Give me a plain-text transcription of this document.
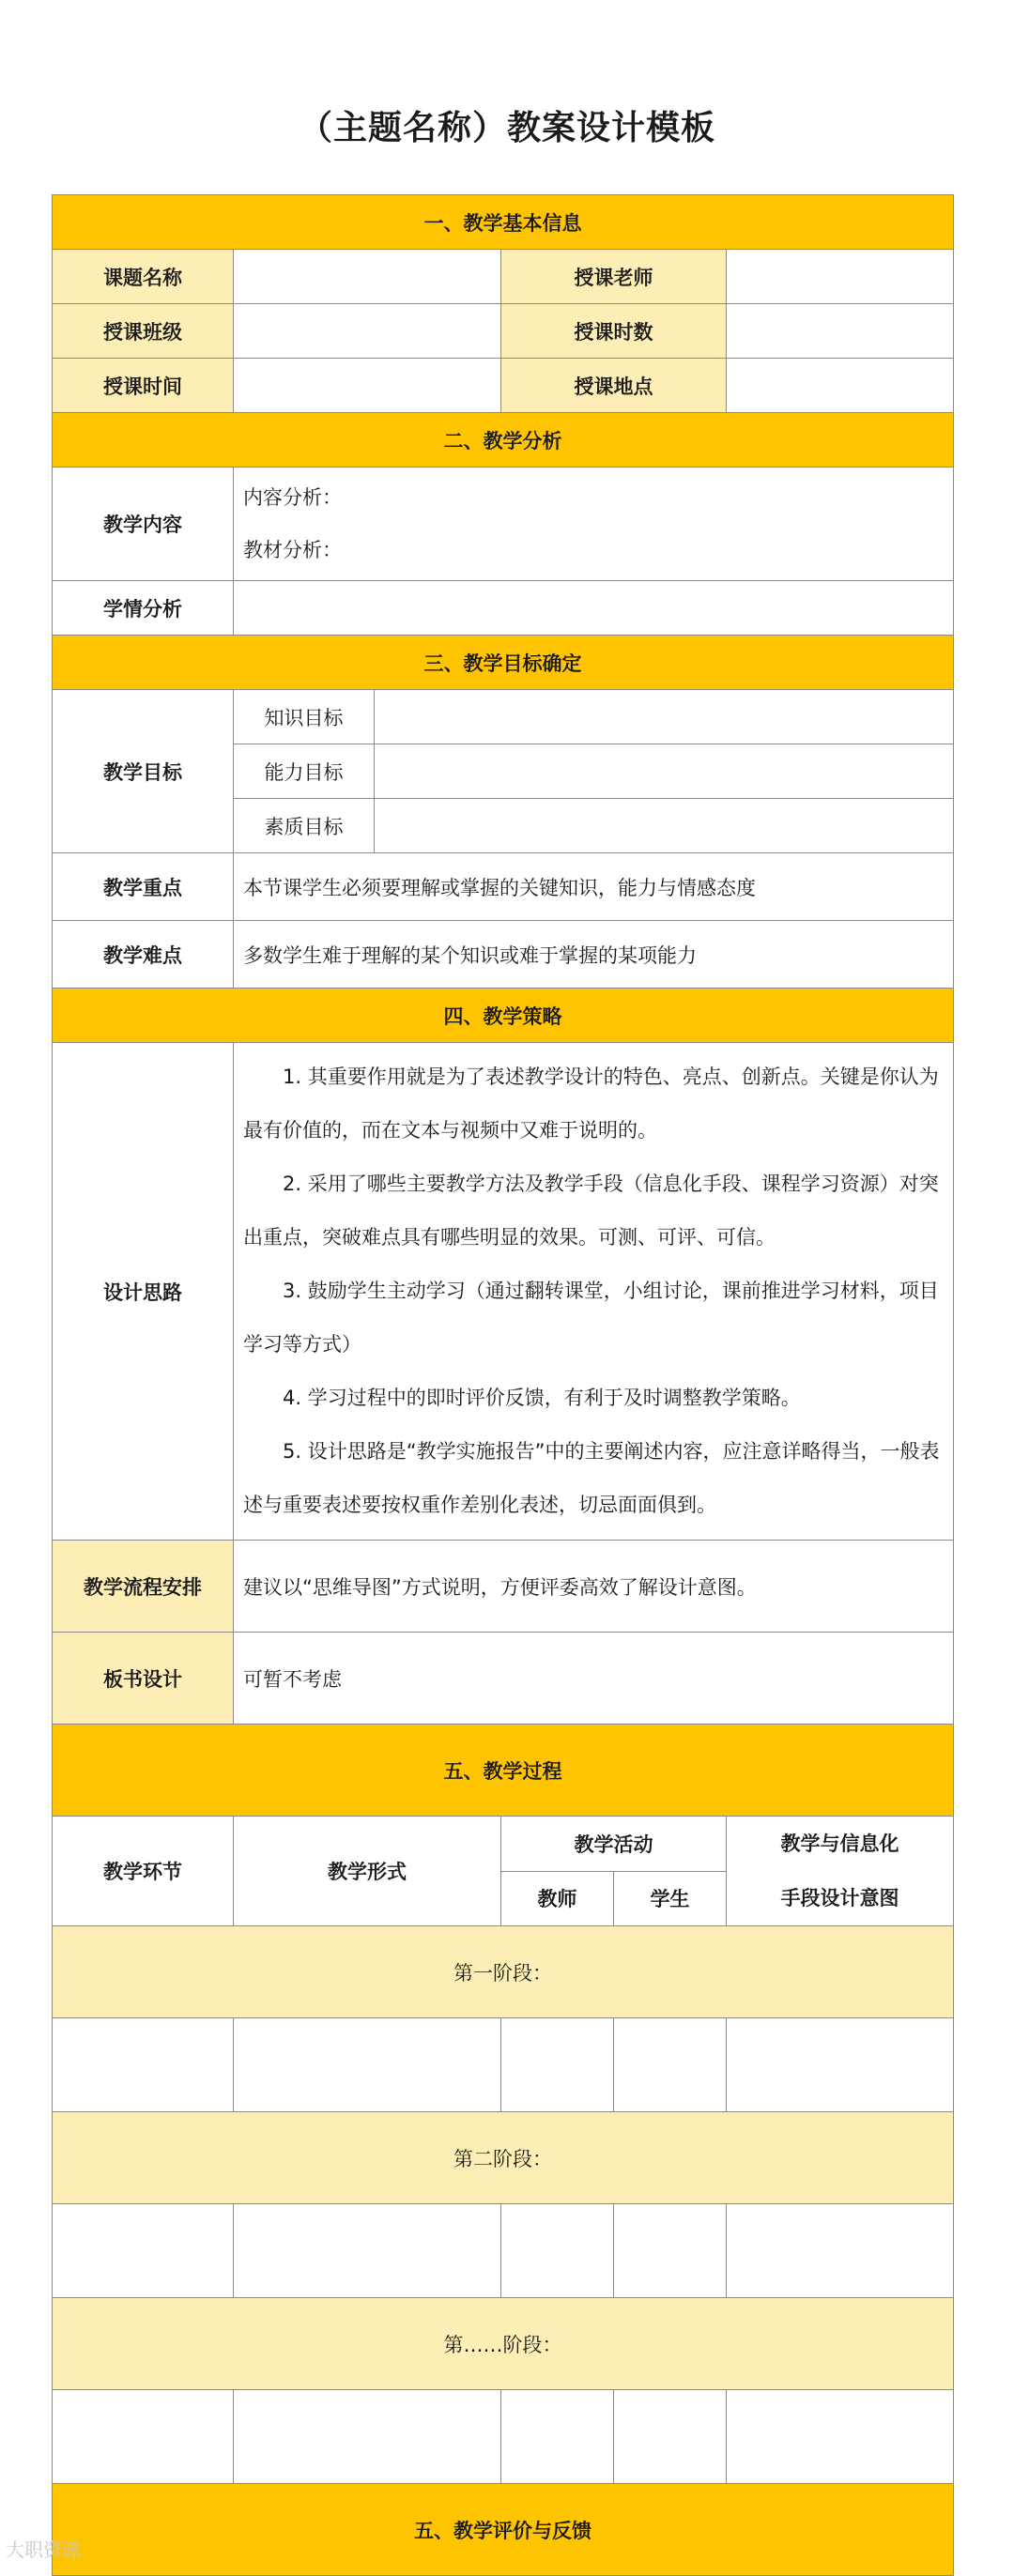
（主题名称）教案设计模板
一、教学基本信息					
课题名称			授课老师		
授课班级			授课时数		
授课时间			授课地点		
二、教学分析					
教学内容	内容分析：
教材分析：				

学情分析					
三、教学目标确定					
教学目标	知识目标				
	能力目标				
	素质目标				
教学重点	本节课学生必须要理解或掌握的关键知识，能力与情感态度				
教学难点	多数学生难于理解的某个知识或难于掌握的某项能力				
四、教学策略					
设计思路	1. 其重要作用就是为了表述教学设计的特色、亮点、创新点。关键是你认为最有价值的，而在文本与视频中又难于说明的。

2. 采用了哪些主要教学方法及教学手段（信息化手段、课程学习资源）对突出重点，突破难点具有哪些明显的效果。可测、可评、可信。

3. 鼓励学生主动学习（通过翻转课堂，小组讨论，课前推进学习材料，项目学习等方式）

4. 学习过程中的即时评价反馈，有利于及时调整教学策略。

5. 设计思路是“教学实施报告”中的主要阐述内容，应注意详略得当，一般表述与重要表述要按权重作差别化表述，切忌面面俱到。				

教学流程安排	建议以“思维导图”方式说明，方便评委高效了解设计意图。				
板书设计	可暂不考虑				
五、教学过程					
教学环节	教学形式		教学活动		教学与信息化
手段设计意图

			教师	学生	
第一阶段：					

第二阶段：					

第……阶段：					

五、教学评价与反馈					
大职资源
